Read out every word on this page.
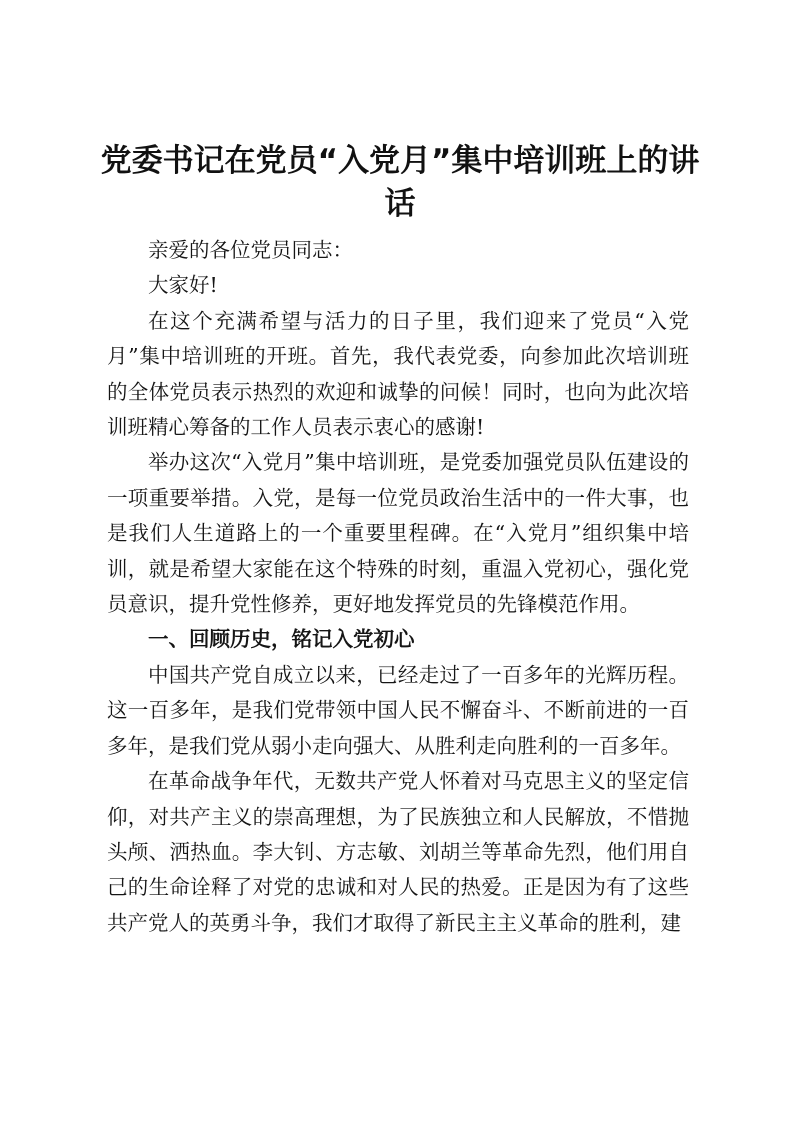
党委书记在党员“入党月”集中培训班上的讲话

亲爱的各位党员同志：

大家好!

在这个充满希望与活力的日子里，我们迎来了党员“入党月”集中培训班的开班。首先，我代表党委，向参加此次培训班的全体党员表示热烈的欢迎和诚挚的问候！同时，也向为此次培训班精心筹备的工作人员表示衷心的感谢!

举办这次“入党月”集中培训班，是党委加强党员队伍建设的一项重要举措。入党，是每一位党员政治生活中的一件大事，也是我们人生道路上的一个重要里程碑。在“入党月”组织集中培训，就是希望大家能在这个特殊的时刻，重温入党初心，强化党员意识，提升党性修养，更好地发挥党员的先锋模范作用。

一、回顾历史，铭记入党初心

中国共产党自成立以来，已经走过了一百多年的光辉历程。这一百多年，是我们党带领中国人民不懈奋斗、不断前进的一百多年，是我们党从弱小走向强大、从胜利走向胜利的一百多年。

在革命战争年代，无数共产党人怀着对马克思主义的坚定信仰，对共产主义的崇高理想，为了民族独立和人民解放，不惜抛头颅、洒热血。李大钊、方志敏、刘胡兰等革命先烈，他们用自己的生命诠释了对党的忠诚和对人民的热爱。正是因为有了这些共产党人的英勇斗争，我们才取得了新民主主义革命的胜利，建
